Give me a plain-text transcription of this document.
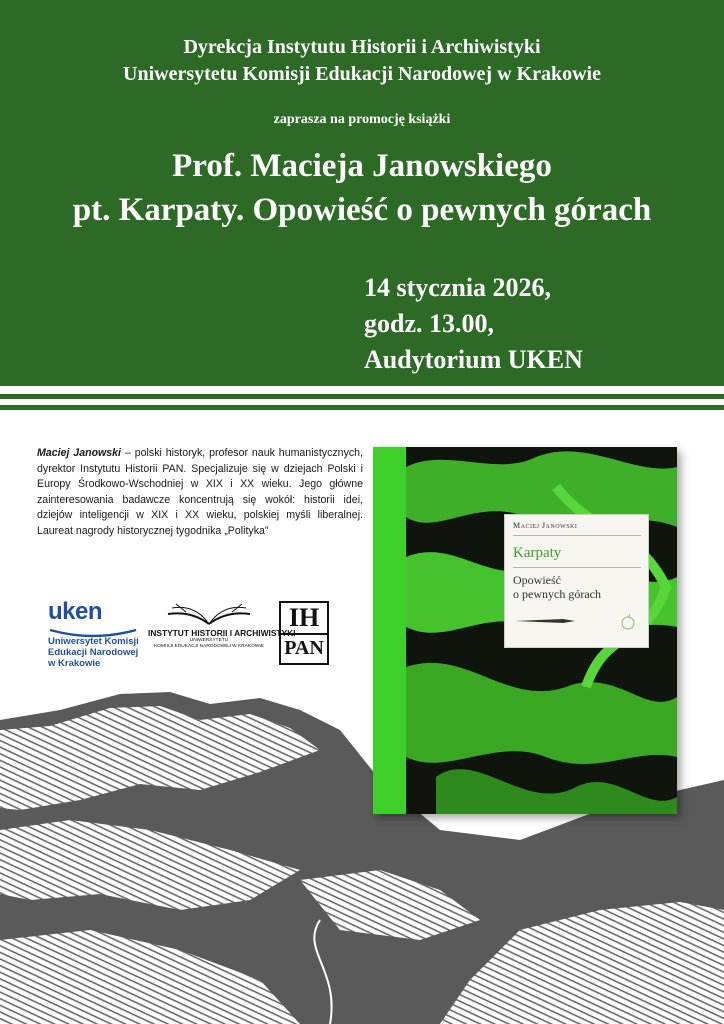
Dyrekcja Instytutu Historii i Archiwistyki
Uniwersytetu Komisji Edukacji Narodowej w Krakowie
zaprasza na promocję książki
Prof. Macieja Janowskiego
pt. Karpaty. Opowieść o pewnych górach
14 stycznia 2026,
godz. 13.00,
Audytorium UKEN
Maciej Janowski – polski historyk, profesor nauk humanistycznych, dyrektor Instytutu Historii PAN. Specjalizuje się w dziejach Polski i Europy Środkowo-Wschodniej w XIX i XX wieku. Jego główne zainteresowania badawcze koncentrują się wokół: historii idei, dziejów inteligencji w XIX i XX wieku, polskiej myśli liberalnej. Laureat nagrody historycznej tygodnika „Polityka”	Maciej Janowski
Karpaty
Opowieść
o pewnych górach
uken
Uniwersytet Komisji
Edukacji Narodowej
w Krakowie
INSTYTUT HISTORII I ARCHIWISTYKI
UNIWERSYTETU
KOMISJI EDUKACJI NARODOWEJ W KRAKOWIE
IH
PAN
